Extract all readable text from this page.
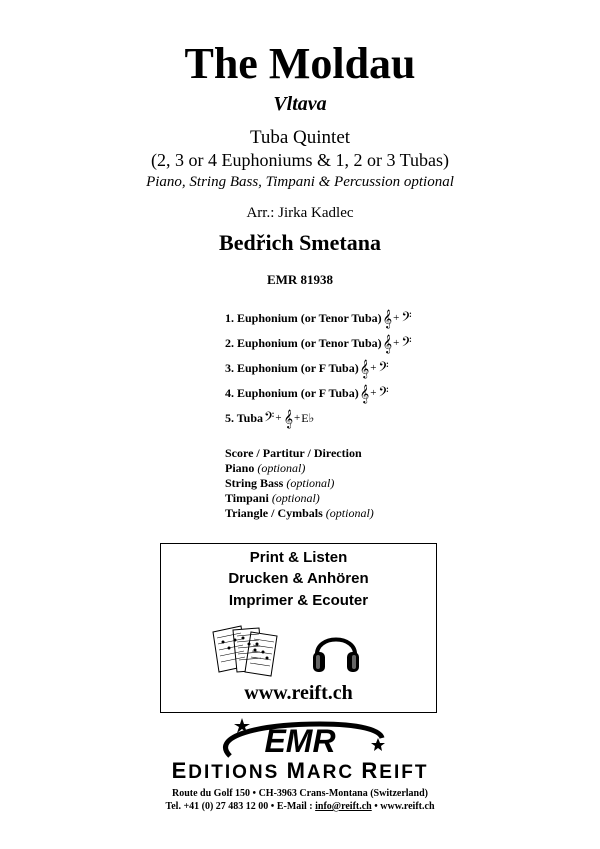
The Moldau
Vltava
Tuba Quintet
(2, 3 or 4 Euphoniums & 1, 2 or 3 Tubas)
Piano, String Bass, Timpani & Percussion optional
Arr.: Jirka Kadlec
Bedřich Smetana
EMR 81938
1. Euphonium (or Tenor Tuba) 𝄞 + 𝄢
2. Euphonium (or Tenor Tuba) 𝄞 + 𝄢
3. Euphonium (or F Tuba) 𝄞 + 𝄢
4. Euphonium (or F Tuba) 𝄞 + 𝄢
5. Tuba 𝄢 + 𝄞 + E♭
Score / Partitur / Direction
Piano (optional)
String Bass (optional)
Timpani (optional)
Triangle / Cymbals (optional)
Print & Listen
Drucken & Anhören
Imprimer & Ecouter
www.reift.ch
EMR
EDITIONS MARC REIFT
Route du Golf 150 • CH-3963 Crans-Montana (Switzerland)
Tel. +41 (0) 27 483 12 00 • E-Mail : info@reift.ch • www.reift.ch
